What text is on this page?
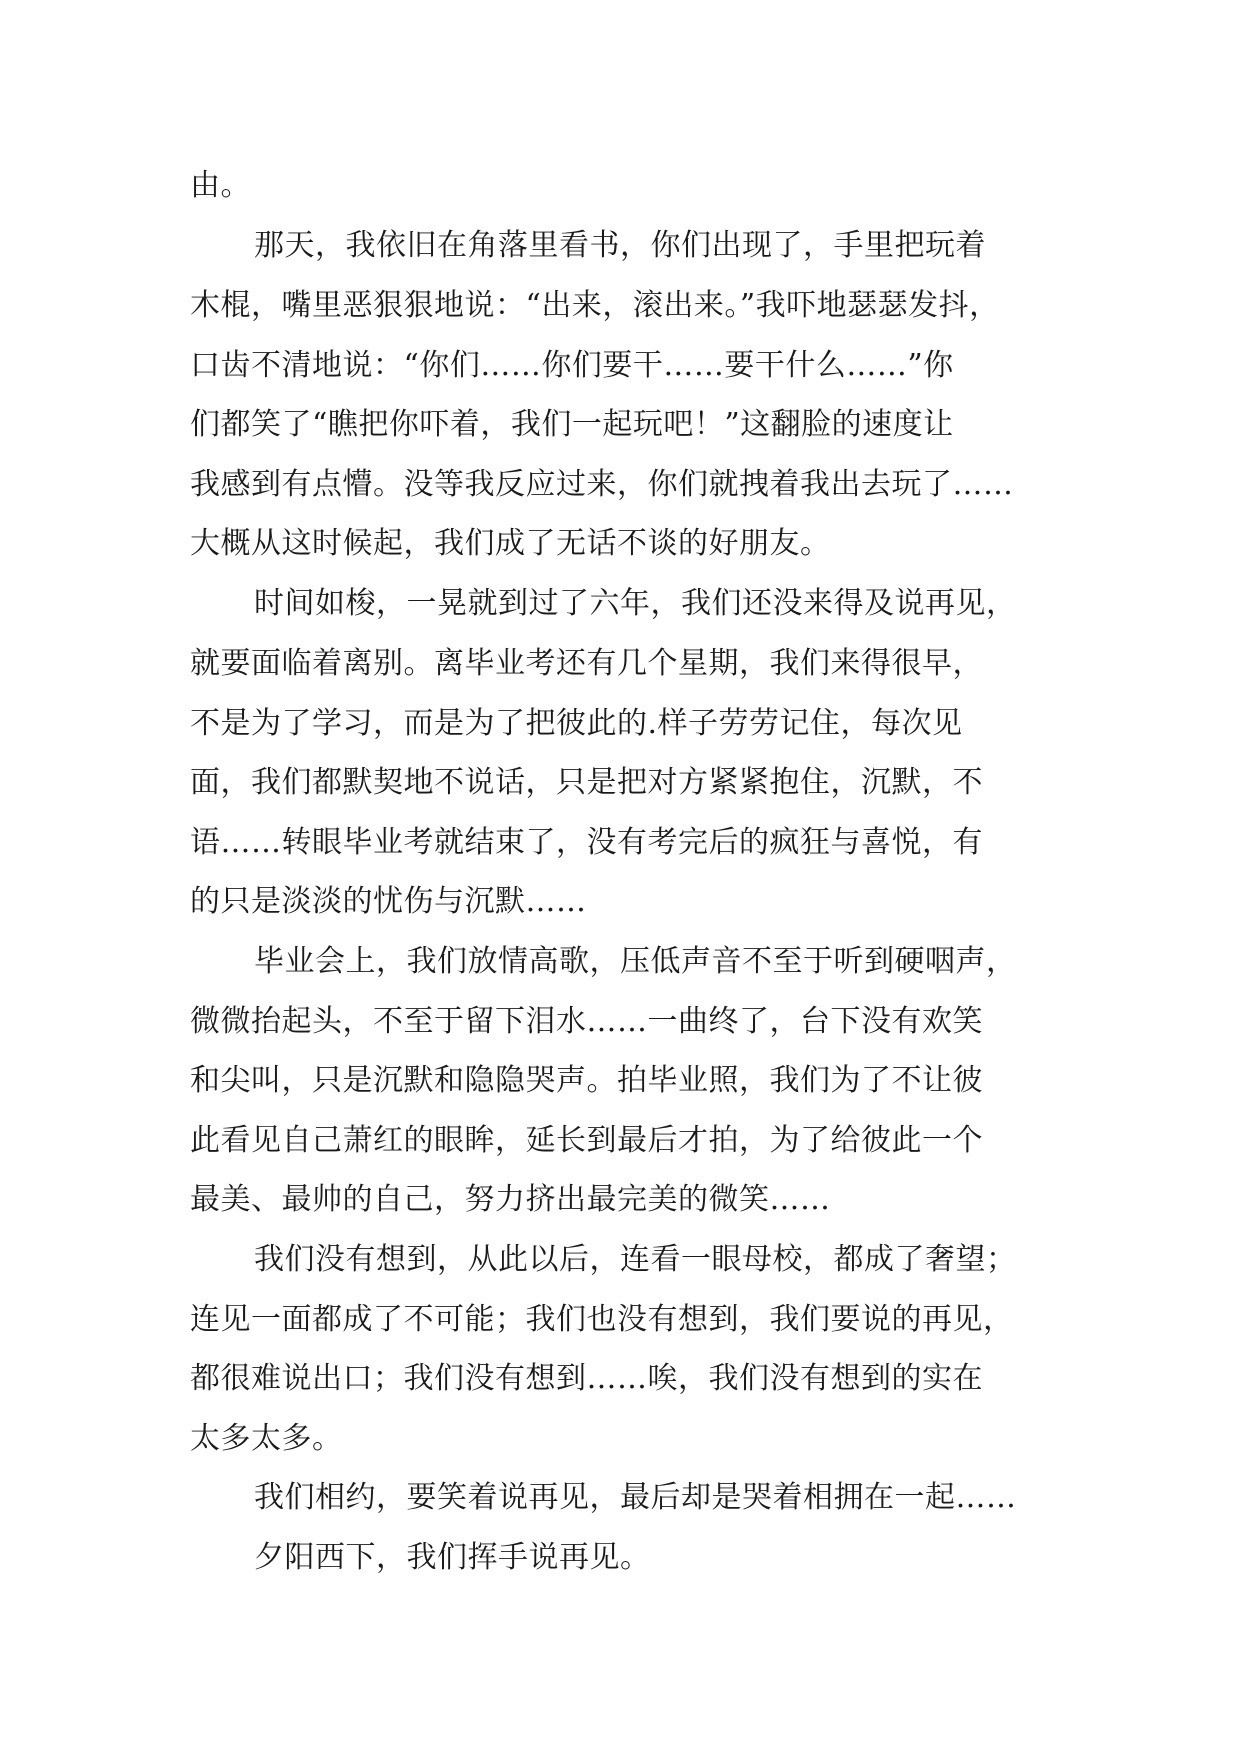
由。
那天，我依旧在角落里看书，你们出现了，手里把玩着
木棍，嘴里恶狠狠地说：“出来，滚出来。”我吓地瑟瑟发抖，
口齿不清地说：“你们……你们要干……要干什么……”你
们都笑了“瞧把你吓着，我们一起玩吧！”这翻脸的速度让
我感到有点懵。没等我反应过来，你们就拽着我出去玩了……
大概从这时候起，我们成了无话不谈的好朋友。
时间如梭，一晃就到过了六年，我们还没来得及说再见，
就要面临着离别。离毕业考还有几个星期，我们来得很早，
不是为了学习，而是为了把彼此的.样子劳劳记住，每次见
面，我们都默契地不说话，只是把对方紧紧抱住，沉默，不
语……转眼毕业考就结束了，没有考完后的疯狂与喜悦，有
的只是淡淡的忧伤与沉默……
毕业会上，我们放情高歌，压低声音不至于听到硬咽声，
微微抬起头，不至于留下泪水……一曲终了，台下没有欢笑
和尖叫，只是沉默和隐隐哭声。拍毕业照，我们为了不让彼
此看见自己萧红的眼眸，延长到最后才拍，为了给彼此一个
最美、最帅的自己，努力挤出最完美的微笑……
我们没有想到，从此以后，连看一眼母校，都成了奢望；
连见一面都成了不可能；我们也没有想到，我们要说的再见，
都很难说出口；我们没有想到……唉，我们没有想到的实在
太多太多。
我们相约，要笑着说再见，最后却是哭着相拥在一起……
夕阳西下，我们挥手说再见。
